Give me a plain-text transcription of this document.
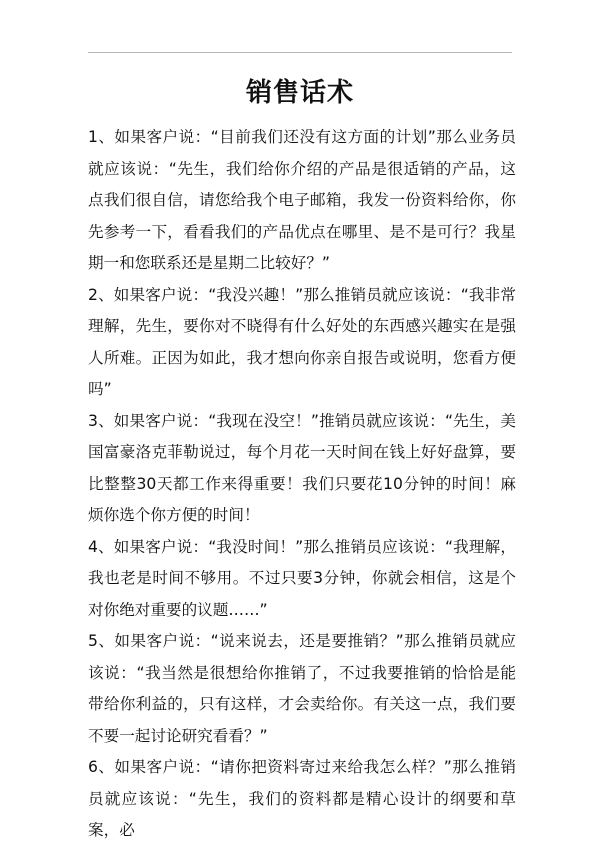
销售话术

1、如果客户说：“目前我们还没有这方面的计划”那么业务员就应该说：“先生，我们给你介绍的产品是很适销的产品，这点我们很自信，请您给我个电子邮箱，我发一份资料给你，你先参考一下，看看我们的产品优点在哪里、是不是可行？我星期一和您联系还是星期二比较好？”

2、如果客户说：“我没兴趣！”那么推销员就应该说：“我非常理解，先生，要你对不晓得有什么好处的东西感兴趣实在是强人所难。正因为如此，我才想向你亲自报告或说明，您看方便吗”

3、如果客户说：“我现在没空！”推销员就应该说：“先生，美国富豪洛克菲勒说过，每个月花一天时间在钱上好好盘算，要比整整30天都工作来得重要！我们只要花10分钟的时间！麻烦你选个你方便的时间！

4、如果客户说：“我没时间！”那么推销员应该说：“我理解，我也老是时间不够用。不过只要3分钟，你就会相信，这是个对你绝对重要的议题……”

5、如果客户说：“说来说去，还是要推销？”那么推销员就应该说：“我当然是很想给你推销了，不过我要推销的恰恰是能带给你利益的，只有这样，才会卖给你。有关这一点，我们要不要一起讨论研究看看？”

6、如果客户说：“请你把资料寄过来给我怎么样？”那么推销员就应该说：“先生，我们的资料都是精心设计的纲要和草案，必
